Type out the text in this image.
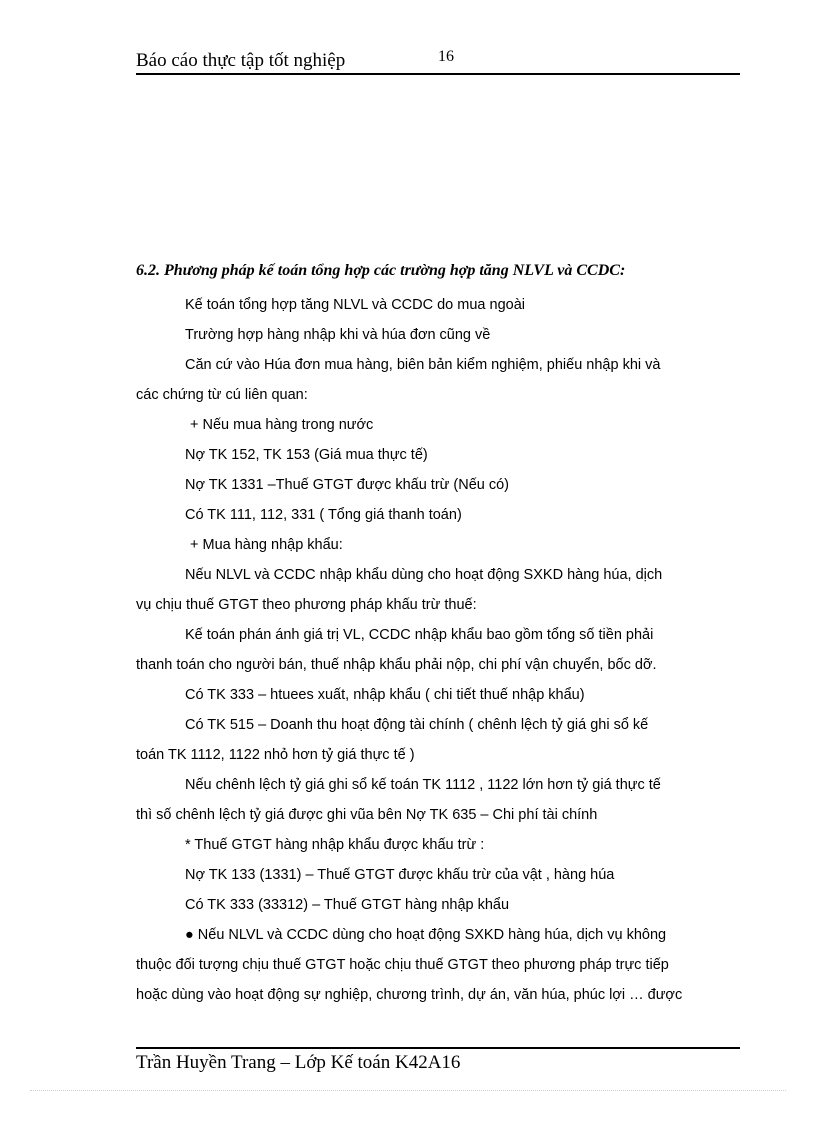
Báo cáo thực tập tốt nghiệp	16
6.2. Phương pháp kế toán tổng hợp các trường hợp tăng NLVL và CCDC:
Kế toán tổng hợp tăng NLVL và CCDC do mua ngoài
Trường hợp hàng nhập khi và húa đơn cũng về
Căn cứ vào Húa đơn mua hàng, biên bản kiểm nghiệm, phiếu nhập khi và
các chứng từ cú liên quan:
+ Nếu mua hàng trong nước
Nợ TK 152, TK 153 (Giá mua thực tế)
Nợ TK 1331 –Thuế GTGT được khấu trừ (Nếu có)
Có TK 111, 112, 331 ( Tổng giá thanh toán)
+ Mua hàng nhập khẩu:
Nếu NLVL và CCDC nhập khẩu dùng cho hoạt động SXKD hàng húa, dịch
vụ chịu thuế GTGT theo phương pháp khấu trừ thuế:
Kế toán phán ánh giá trị VL, CCDC nhập khẩu bao gồm tổng số tiền phải
thanh toán cho người bán, thuế nhập khẩu phải nộp, chi phí vận chuyển, bốc dỡ.
Có TK 333 – htuees xuất, nhập khẩu ( chi tiết thuế nhập khẩu)
Có TK 515 – Doanh thu hoạt động tài chính ( chênh lệch tỷ giá ghi sổ kế
toán TK 1112, 1122 nhỏ hơn tỷ giá thực tế )
Nếu chênh lệch tỷ giá ghi sổ kế toán TK 1112 , 1122 lớn hơn tỷ giá thực tế
thì số chênh lệch tỷ giá được ghi vũa bên Nợ TK 635 – Chi phí tài chính
* Thuế GTGT hàng nhập khẩu được khấu trừ :
Nợ TK 133 (1331) – Thuế GTGT được khấu trừ của vật , hàng húa
Có TK 333 (33312) – Thuế GTGT hàng nhập khẩu
● Nếu NLVL và CCDC dùng cho hoạt động SXKD hàng húa, dịch vụ không
thuộc đối tượng chịu thuế GTGT hoặc chịu thuế GTGT theo phương pháp trực tiếp
hoặc dùng vào hoạt động sự nghiệp, chương trình, dự án, văn húa, phúc lợi … được
Trần Huyền Trang – Lớp Kế toán K42A16
